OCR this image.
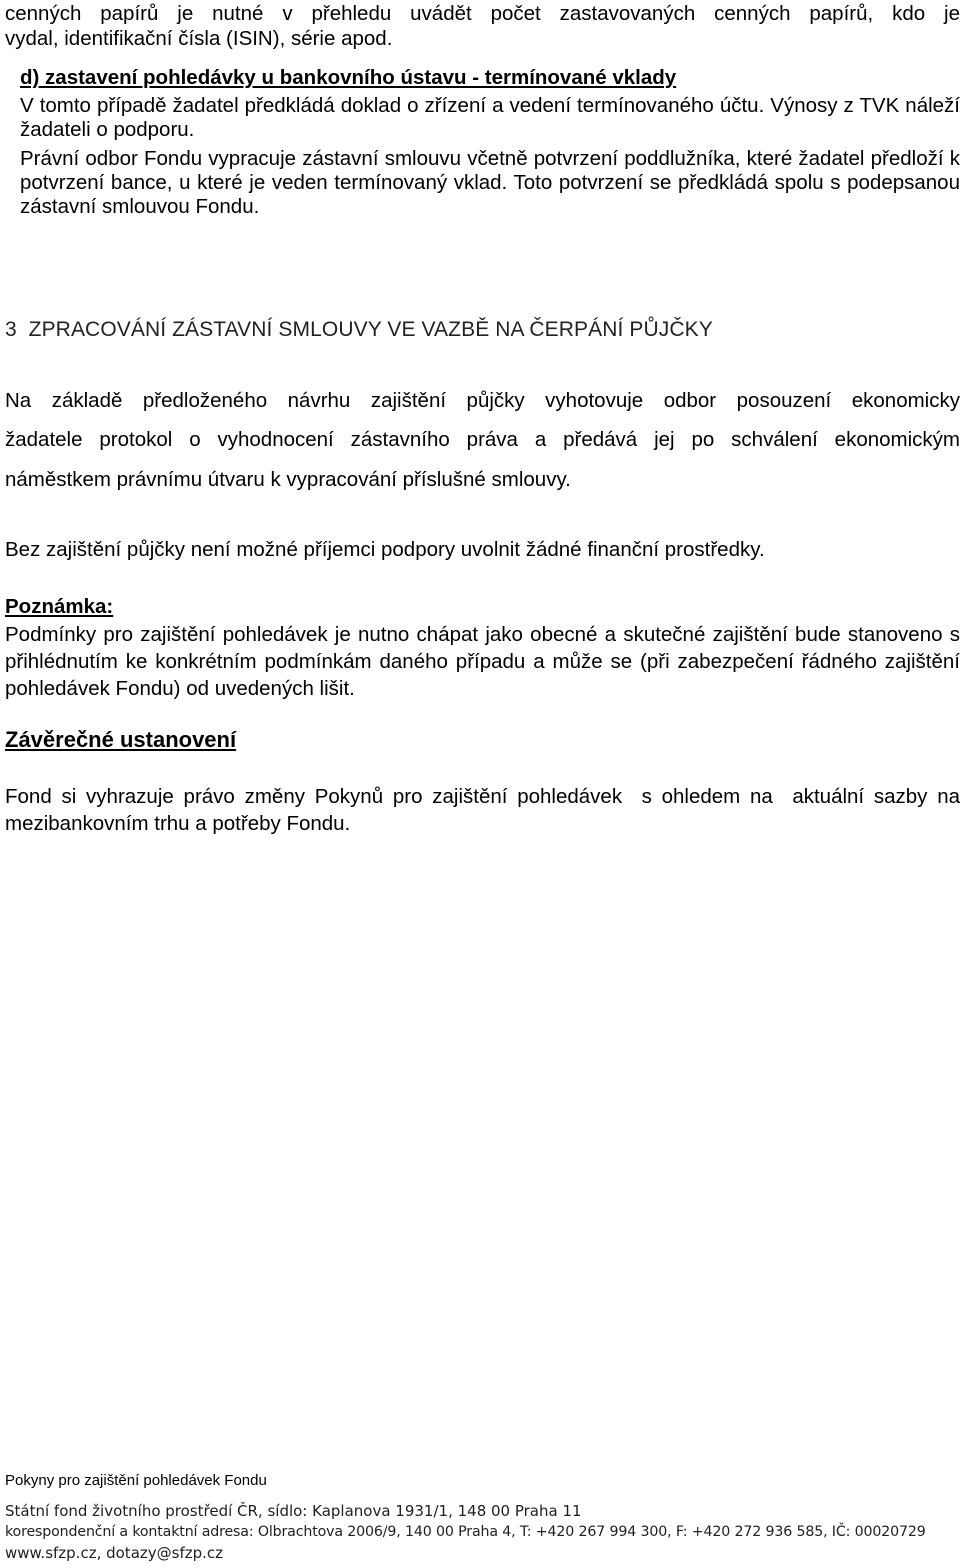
cenných papírů je nutné v přehledu uvádět počet zastavovaných cenných papírů, kdo je

vydal, identifikační čísla (ISIN), série apod.

d) zastavení pohledávky u bankovního ústavu - termínované vklady

V tomto případě žadatel předkládá doklad o zřízení a vedení termínovaného účtu. Výnosy z TVK náleží žadateli o podporu.

Právní odbor Fondu vypracuje zástavní smlouvu včetně potvrzení poddlužníka, které žadatel předloží k potvrzení bance, u které je veden termínovaný vklad. Toto potvrzení se předkládá spolu s podepsanou zástavní smlouvou Fondu.

3  ZPRACOVÁNÍ ZÁSTAVNÍ SMLOUVY VE VAZBĚ NA ČERPÁNÍ PŮJČKY

Na základě předloženého návrhu zajištění půjčky vyhotovuje odbor posouzení ekonomicky

žadatele protokol o vyhodnocení zástavního práva a předává jej po schválení ekonomickým

náměstkem právnímu útvaru k vypracování příslušné smlouvy.

Bez zajištění půjčky není možné příjemci podpory uvolnit žádné finanční prostředky.

Poznámka:

Podmínky pro zajištění pohledávek je nutno chápat jako obecné a skutečné zajištění bude stanoveno s přihlédnutím ke konkrétním podmínkám daného případu a může se (při zabezpečení řádného zajištění pohledávek Fondu) od uvedených lišit.

Závěrečné ustanovení

Fond si vyhrazuje právo změny Pokynů pro zajištění pohledávek  s ohledem na  aktuální sazby na mezibankovním trhu a potřeby Fondu.

Pokyny pro zajištění pohledávek Fondu
Státní fond životního prostředí ČR, sídlo: Kaplanova 1931/1, 148 00 Praha 11
korespondenční a kontaktní adresa: Olbrachtova 2006/9, 140 00 Praha 4, T: +420 267 994 300, F: +420 272 936 585, IČ: 00020729
www.sfzp.cz, dotazy@sfzp.cz
